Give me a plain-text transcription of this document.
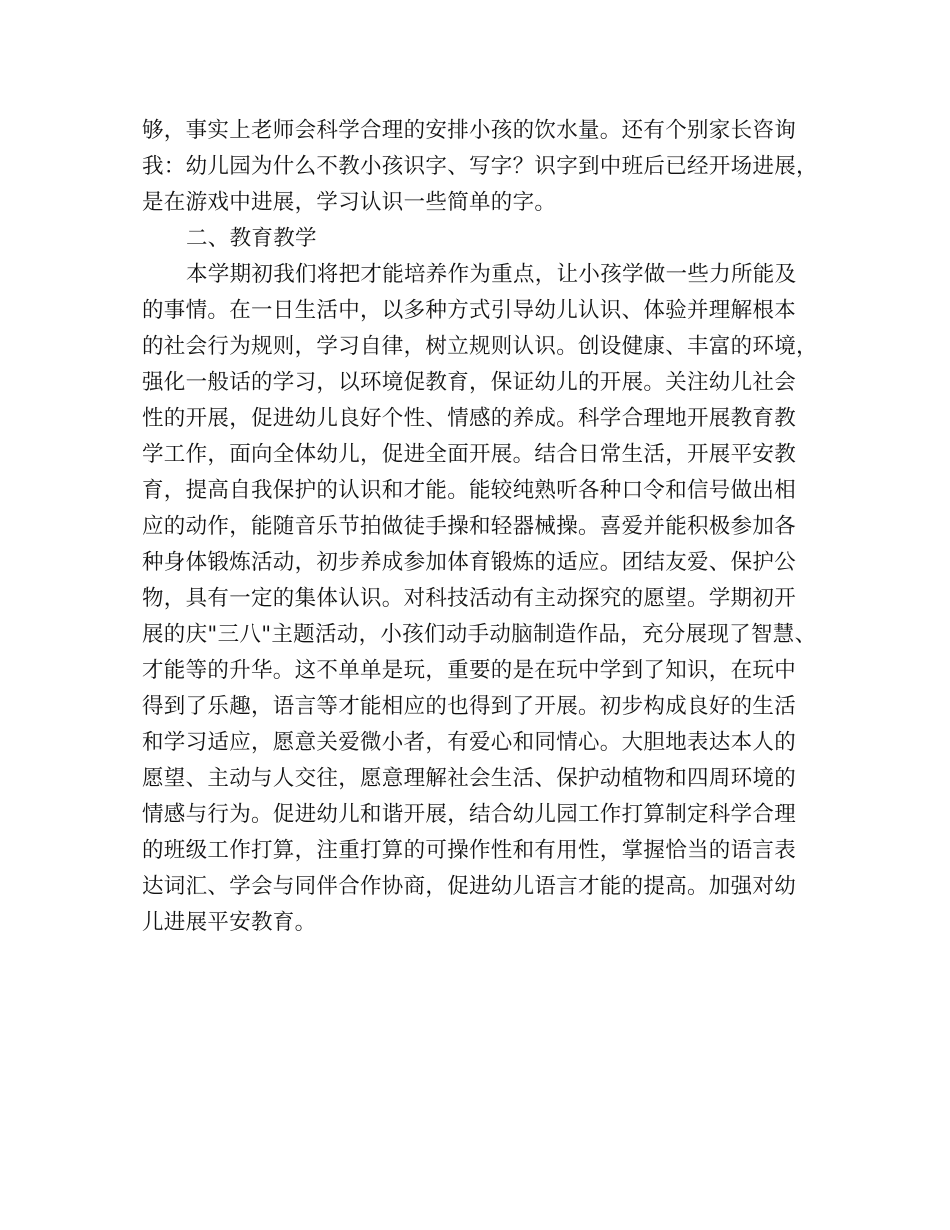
够，事实上老师会科学合理的安排小孩的饮水量。还有个别家长咨询
我：幼儿园为什么不教小孩识字、写字？识字到中班后已经开场进展，
是在游戏中进展，学习认识一些简单的字。
二、教育教学
本学期初我们将把才能培养作为重点，让小孩学做一些力所能及
的事情。在一日生活中，以多种方式引导幼儿认识、体验并理解根本
的社会行为规则，学习自律，树立规则认识。创设健康、丰富的环境，
强化一般话的学习，以环境促教育，保证幼儿的开展。关注幼儿社会
性的开展，促进幼儿良好个性、情感的养成。科学合理地开展教育教
学工作，面向全体幼儿，促进全面开展。结合日常生活，开展平安教
育，提高自我保护的认识和才能。能较纯熟听各种口令和信号做出相
应的动作，能随音乐节拍做徒手操和轻器械操。喜爱并能积极参加各
种身体锻炼活动，初步养成参加体育锻炼的适应。团结友爱、保护公
物，具有一定的集体认识。对科技活动有主动探究的愿望。学期初开
展的庆"三八"主题活动，小孩们动手动脑制造作品，充分展现了智慧、
才能等的升华。这不单单是玩，重要的是在玩中学到了知识，在玩中
得到了乐趣，语言等才能相应的也得到了开展。初步构成良好的生活
和学习适应，愿意关爱微小者，有爱心和同情心。大胆地表达本人的
愿望、主动与人交往，愿意理解社会生活、保护动植物和四周环境的
情感与行为。促进幼儿和谐开展，结合幼儿园工作打算制定科学合理
的班级工作打算，注重打算的可操作性和有用性，掌握恰当的语言表
达词汇、学会与同伴合作协商，促进幼儿语言才能的提高。加强对幼
儿进展平安教育。
